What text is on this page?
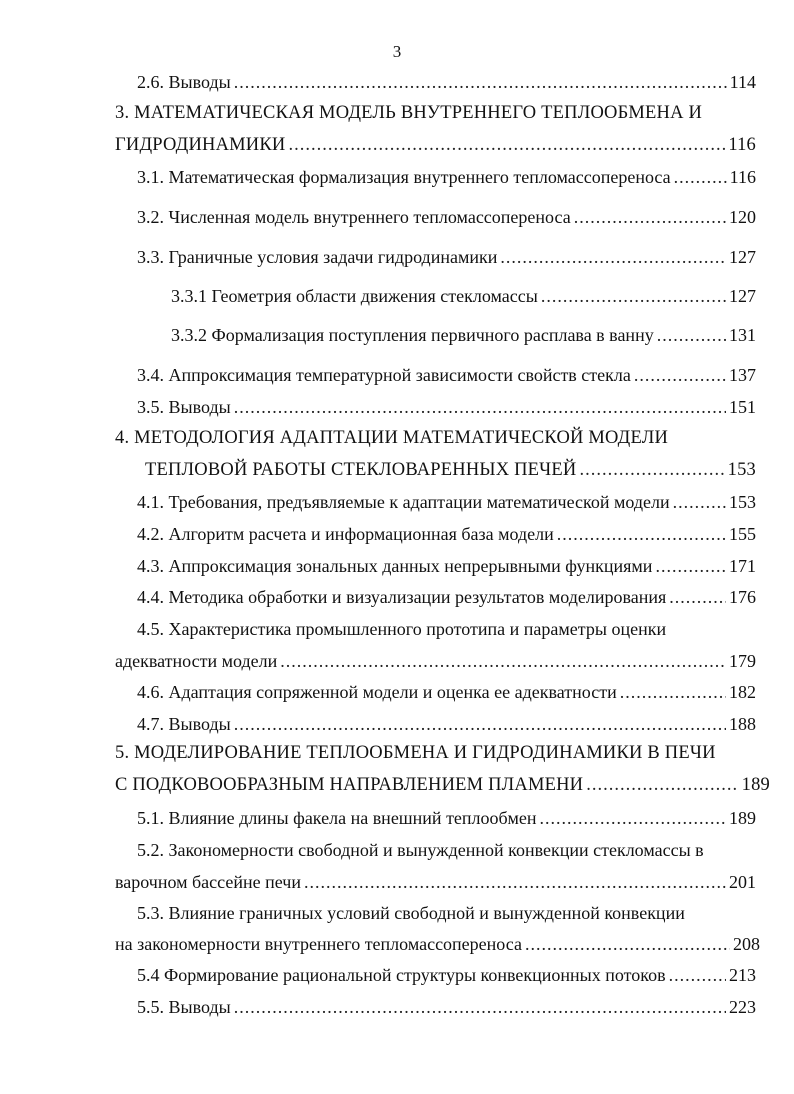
3
2.6. Выводы .....	114
3. МАТЕМАТИЧЕСКАЯ МОДЕЛЬ ВНУТРЕННЕГО ТЕПЛООБМЕНА И
ГИДРОДИНАМИКИ .....	116
3.1. Математическая формализация внутреннего тепломассопереноса .....	116
3.2. Численная модель внутреннего тепломассопереноса .....	120
3.3. Граничные условия задачи гидродинамики .....	127
3.3.1 Геометрия области движения стекломассы .....	127
3.3.2 Формализация поступления первичного расплава в ванну .....	131
3.4. Аппроксимация температурной зависимости свойств стекла .....	137
3.5. Выводы .....	151
4. МЕТОДОЛОГИЯ АДАПТАЦИИ МАТЕМАТИЧЕСКОЙ МОДЕЛИ
ТЕПЛОВОЙ РАБОТЫ СТЕКЛОВАРЕННЫХ ПЕЧЕЙ .....	153
4.1. Требования, предъявляемые к адаптации математической модели .....	153
4.2. Алгоритм расчета и информационная база модели .....	155
4.3. Аппроксимация зональных данных непрерывными функциями .....	171
4.4. Методика обработки и визуализации результатов моделирования .....	176
4.5. Характеристика промышленного прототипа и параметры оценки
адекватности модели .....	179
4.6. Адаптация сопряженной модели и оценка ее адекватности .....	182
4.7. Выводы .....	188
5. МОДЕЛИРОВАНИЕ ТЕПЛООБМЕНА И ГИДРОДИНАМИКИ В ПЕЧИ
С ПОДКОВООБРАЗНЫМ НАПРАВЛЕНИЕМ ПЛАМЕНИ .....	189
5.1. Влияние длины факела на внешний теплообмен .....	189
5.2. Закономерности свободной и вынужденной конвекции стекломассы в
варочном бассейне печи .....	201
5.3. Влияние граничных условий свободной и вынужденной конвекции
на закономерности внутреннего тепломассопереноса .....	208
5.4 Формирование рациональной структуры конвекционных потоков .....	213
5.5. Выводы .....	223
